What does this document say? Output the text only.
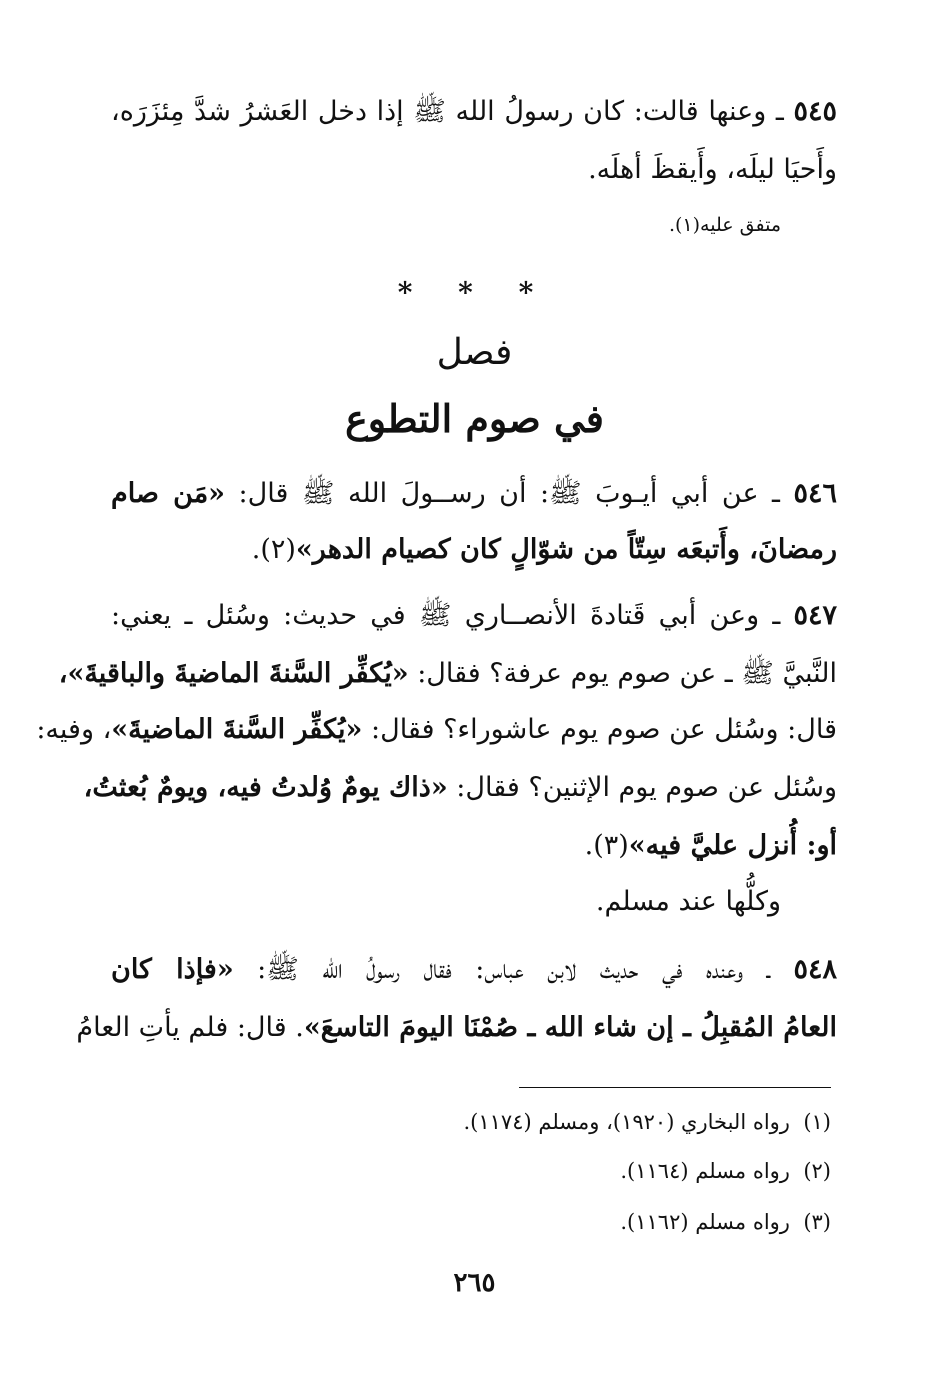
٥٤٥ ـ وعنها قالت: كان رسولُ الله ﷺ إذا دخل العَشرُ شدَّ مِئزَرَه،
وأَحيَا ليلَه، وأَيقظَ أهلَه.
متفق عليه(١).
* * *
فصل
في صوم التطوع
٥٤٦ ـ عن أبي أيـوبَ ﷺ: أن رســولَ الله ﷺ قال: «مَن صام
رمضانَ، وأَتبعَه سِتّاً من شوّالٍ كان كصيام الدهر»(٢).
٥٤٧ ـ وعن أبي قَتادةَ الأنصــاري ﷺ في حديث: وسُئل ـ يعني:
النَّبيَّ ﷺ ـ عن صوم يوم عرفة؟ فقال: «يُكفِّر السَّنةَ الماضيةَ والباقيةَ»،
قال: وسُئل عن صوم يوم عاشوراء؟ فقال: «يُكفِّر السَّنةَ الماضيةَ»، وفيه:
وسُئل عن صوم يوم الإثنين؟ فقال: «ذاك يومٌ وُلدتُ فيه، ويومٌ بُعثتُ،
أو: أُنزل عليَّ فيه»(٣).
وكلُّها عند مسلم.
٥٤٨ ـ وعنده في حديث لابن عباس: فقال رسولُ الله ﷺ: «فإذا كان
العامُ المُقبِلُ ـ إن شاء الله ـ صُمْنَا اليومَ التاسعَ». قال: فلم يأتِ العامُ
(١)  رواه البخاري (١٩٢٠)، ومسلم (١١٧٤).
(٢)  رواه مسلم (١١٦٤).
(٣)  رواه مسلم (١١٦٢).
٢٦٥
